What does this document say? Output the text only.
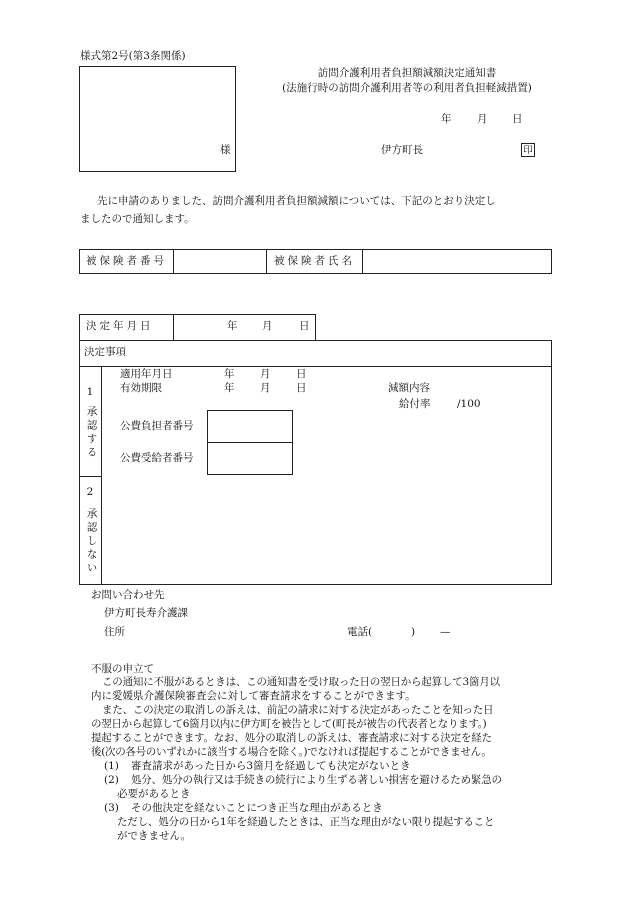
様式第2号(第3条関係)
様
訪問介護利用者負担額減額決定通知書
(法施行時の訪問介護利用者等の利用者負担軽減措置)
年 月 日
伊方町長	印
先に申請のありました、訪問介護利用者負担額減額については、下記のとおり決定し
ましたので通知します。
被保険者番号	被保険者氏名
決定年月日	年 月	日
決定事項
1
承認する
適用年月日	年 月 日
有効期限	年 月 日	減額内容
給付率	/100
公費負担者番号
公費受給者番号
2
承認しない
お問い合わせ先
伊方町長寿介護課
住所	電話(	) —
不服の申立て
この通知に不服があるときは、この通知書を受け取った日の翌日から起算して3箇月以
内に愛媛県介護保険審査会に対して審査請求をすることができます。
また、この決定の取消しの訴えは、前記の請求に対する決定があったことを知った日
の翌日から起算して6箇月以内に伊方町を被告として(町長が被告の代表者となります。)
提起することができます。なお、処分の取消しの訴えは、審査請求に対する決定を経た
後(次の各号のいずれかに該当する場合を除く。)でなければ提起することができません。
(1) 審査請求があった日から3箇月を経過しても決定がないとき
(2) 処分、処分の執行又は手続きの続行により生ずる著しい損害を避けるため緊急の
必要があるとき
(3) その他決定を経ないことにつき正当な理由があるとき
ただし、処分の日から1年を経過したときは、正当な理由がない限り提起すること
ができません。
